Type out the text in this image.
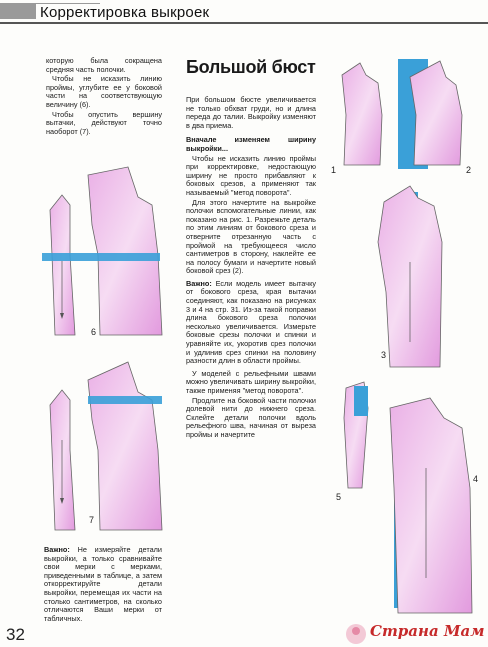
Корректировка выкроек

которую была сокращена средняя часть полочки.

Чтобы не исказить линию проймы, углубите ее у боковой части на соответствующую величину (6).

Чтобы опустить вершину вытачки, действуют точно наоборот (7).

Важно: Не измеряйте детали выкройки, а только сравнивайте свои мерки с мерками, приведенными в таблице, а затем откорректируйте детали выкройки, перемещая их части на столько сантиметров, на сколько отличаются Ваши мерки от табличных.

Большой бюст

При большом бюсте увеличивается не только обхват груди, но и длина переда до талии. Выкройку изменяют в два приема.

Вначале изменяем ширину выкройки...

Чтобы не исказить линию проймы при корректировке, недостающую ширину не просто прибавляют к боковых срезов, а применяют так называемый "метод поворота".

Для этого начертите на выкройке полочки вспомогательные линии, как показано на рис. 1. Разрежьте деталь по этим линиям от бокового среза и отверните отрезанную часть с проймой на требующееся число сантиметров в сторону, наклейте ее на полосу бумаги и начертите новый боковой срез (2).

Важно: Если модель имеет вытачку от бокового среза, края вытачки соединяют, как показано на рисунках 3 и 4 на стр. 31. Из-за такой поправки длина бокового среза полочки несколько увеличивается. Измерьте боковые срезы полочки и спинки и уравняйте их, укоротив срез полочки и удлинив срез спинки на половину разности длин в области проймы.

У моделей с рельефными швами можно увеличивать ширину выкройки, также применяя "метод поворота".

Продлите на боковой части полочки долевой нити до нижнего среза. Склейте детали полочки вдоль рельефного шва, начиная от выреза проймы и начертите

6
7
1	2
3
5
4
32	Страна Мам
